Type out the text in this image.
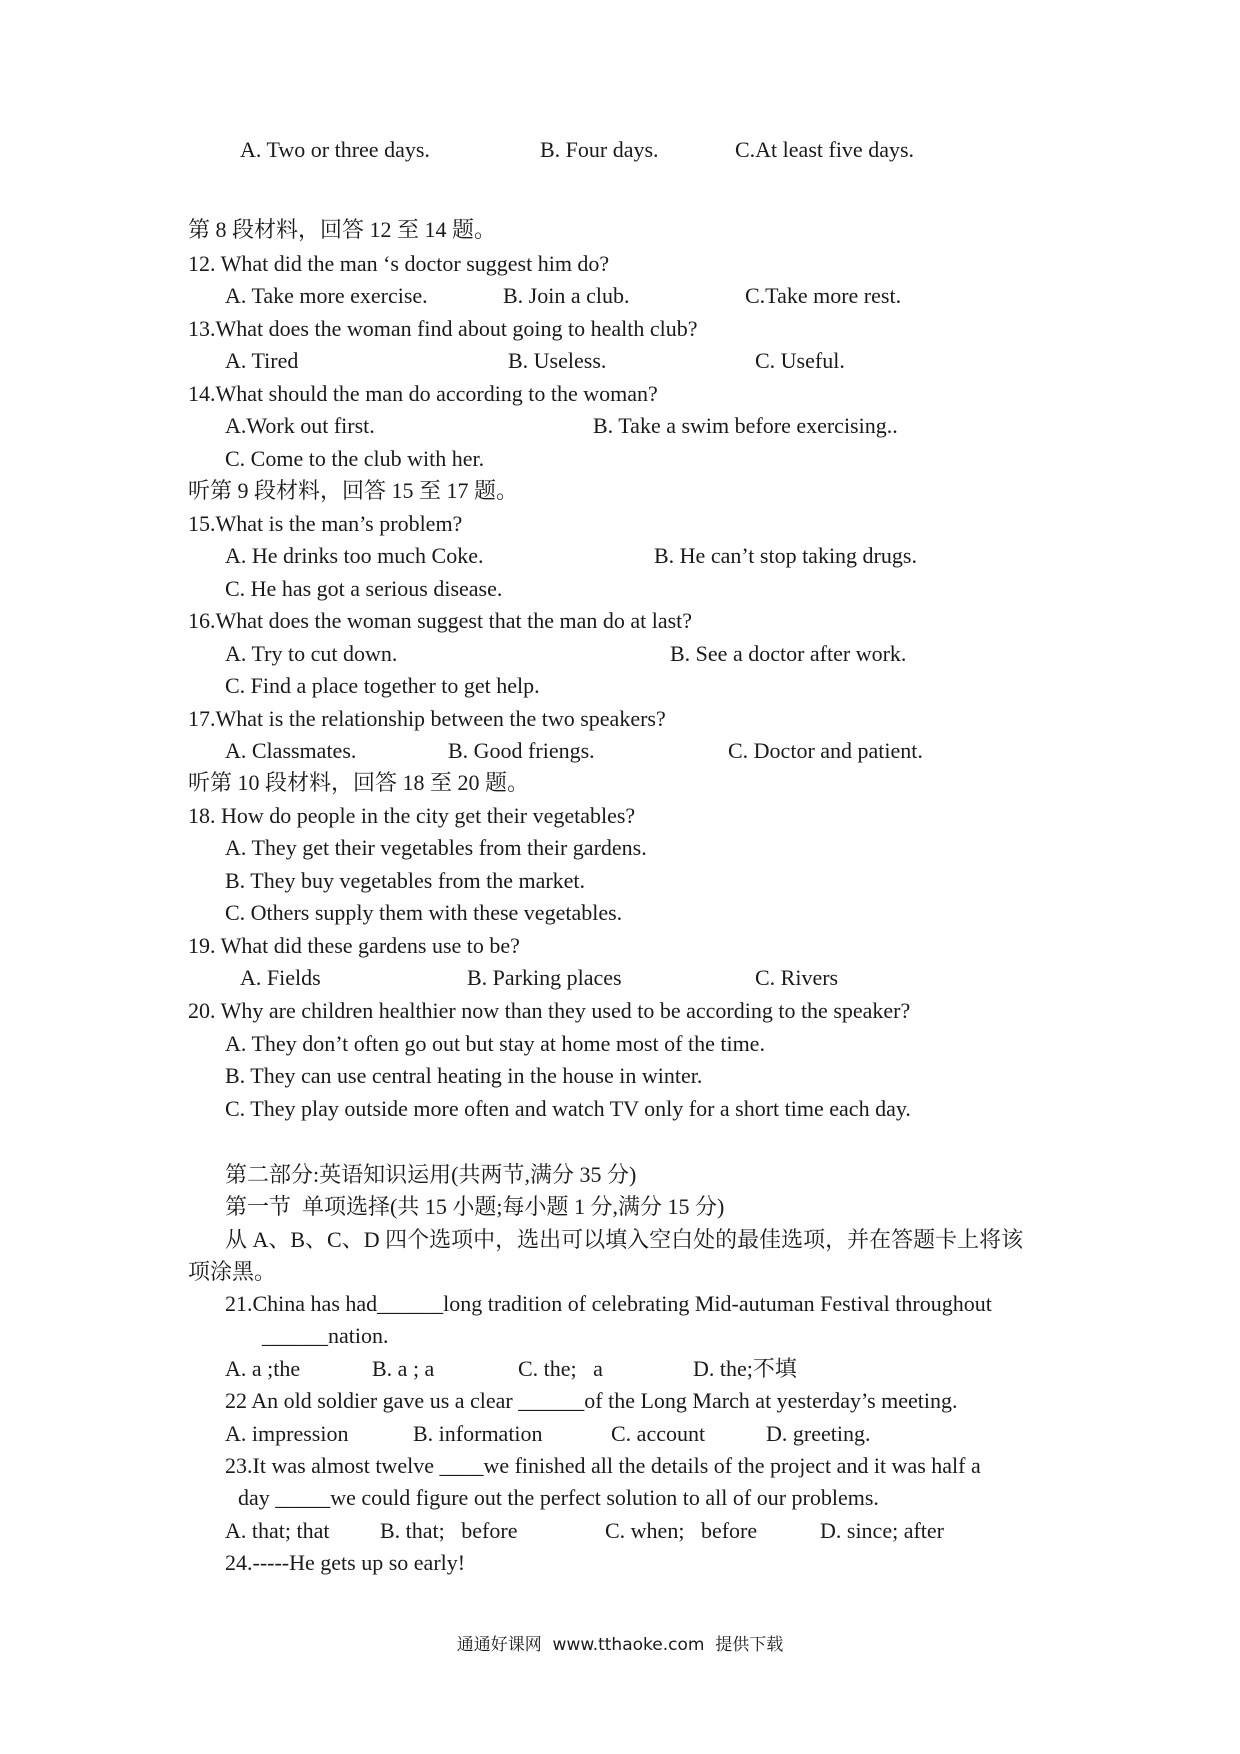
A. Two or three days.	B. Four days.	C.At least five days.
第 8 段材料，回答 12 至 14 题。
12. What did the man ‘s doctor suggest him do?
A. Take more exercise.	B. Join a club.	C.Take more rest.
13.What does the woman find about going to health club?
A. Tired	B. Useless.	C. Useful.
14.What should the man do according to the woman?
A.Work out first.	B. Take a swim before exercising..
C. Come to the club with her.
听第 9 段材料，回答 15 至 17 题。
15.What is the man’s problem?
A. He drinks too much Coke.	B. He can’t stop taking drugs.
C. He has got a serious disease.
16.What does the woman suggest that the man do at last?
A. Try to cut down.	B. See a doctor after work.
C. Find a place together to get help.
17.What is the relationship between the two speakers?
A. Classmates.	B. Good friengs.	C. Doctor and patient.
听第 10 段材料，回答 18 至 20 题。
18. How do people in the city get their vegetables?
A. They get their vegetables from their gardens.
B. They buy vegetables from the market.
C. Others supply them with these vegetables.
19. What did these gardens use to be?
A. Fields	B. Parking places	C. Rivers
20. Why are children healthier now than they used to be according to the speaker?
A. They don’t often go out but stay at home most of the time.
B. They can use central heating in the house in winter.
C. They play outside more often and watch TV only for a short time each day.
第二部分:英语知识运用(共两节,满分 35 分)
第一节  单项选择(共 15 小题;每小题 1 分,满分 15 分)
从 A、B、C、D 四个选项中，选出可以填入空白处的最佳选项，并在答题卡上将该
项涂黑。
21.China has had______long tradition of celebrating Mid-autuman Festival throughout
______nation.
A. a ;the	B. a ; a	C. the;   a	D. the;不填
22 An old soldier gave us a clear ______of the Long March at yesterday’s meeting.
A. impression	B. information	C. account	D. greeting.
23.It was almost twelve ____we finished all the details of the project and it was half a
day _____we could figure out the perfect solution to all of our problems.
A. that; that B. that;   before	C. when;   before	D. since; after
24.-----He gets up so early!
通通好课网  www.tthaoke.com  提供下载
